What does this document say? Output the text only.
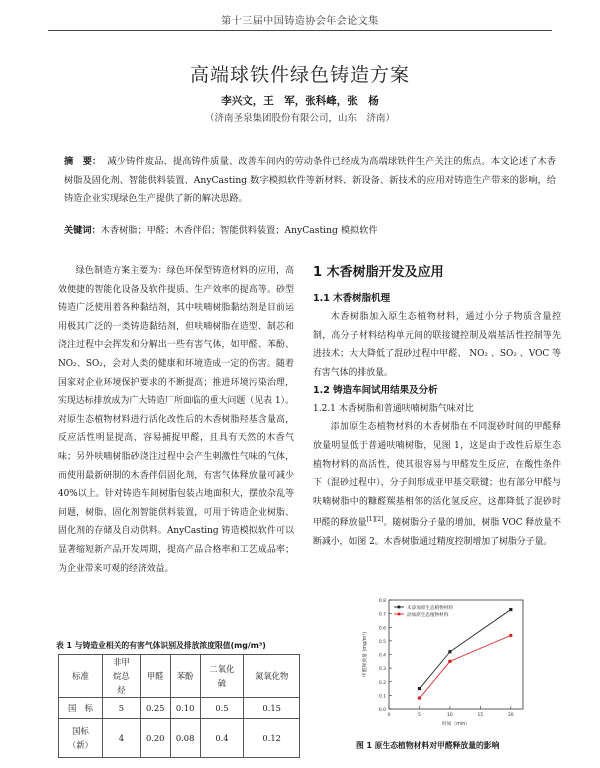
第十三届中国铸造协会年会论文集
高端球铁件绿色铸造方案
李兴文，王　军，张科峰，张　杨
（济南圣泉集团股份有限公司，山东　济南）
摘　要： 减少铸件废品、提高铸件质量、改善车间内的劳动条件已经成为高端球铁件生产关注的焦点。本文论述了木香树脂及固化剂、智能供料装置、AnyCasting 数字模拟软件等新材料、新设备、新技术的应用对铸造生产带来的影响，给铸造企业实现绿色生产提供了新的解决思路。
关键词：木香树脂；甲醛；木香伴侣；智能供料装置；AnyCasting 模拟软件
绿色制造方案主要为：绿色环保型铸造材料的应用，高效便捷的智能化设备及软件提质、生产效率的提高等。砂型铸造广泛使用着各种黏结剂，其中呋喃树脂黏结剂是目前运用极其广泛的一类铸造黏结剂，但呋喃树脂在造型、制芯和浇注过程中会挥发和分解出一些有害气体，如甲醛、苯酚、NO₂、SO₂，会对人类的健康和环境造成一定的伤害。随着国家对企业环境保护要求的不断提高；推进环境污染治理，实现达标排放成为广大铸造厂所面临的重大问题（见表 1）。对原生态植物材料进行活化改性后的木香树脂羟基含量高，反应活性明显提高，容易捕捉甲醛，且具有天然的木香气味；另外呋喃树脂砂浇注过程中会产生刺激性气味的气体，而使用最新研制的木香伴侣固化剂，有害气体释放量可减少 40%以上。针对铸造车间树脂包装占地面积大，摆放杂乱等问题，树脂、固化剂智能供料装置，可用于铸造企业树脂、固化剂的存储及自动供料。AnyCasting 铸造模拟软件可以显著缩短新产品开发周期，提高产品合格率和工艺成品率；为企业带来可观的经济效益。
表 1 与铸造业相关的有害气体识别及排放浓度限值(mg/m³)
标准	非甲烷总烃	甲醛	苯酚	二氧化硫	氮氧化物
国　标	5	0.25	0.10	0.5	0.15
国标（新）	4	0.20	0.08	0.4	0.12
1 木香树脂开发及应用
1.1 木香树脂机理

木香树脂加入原生态植物材料，通过小分子物质含量控制，高分子材料结构单元间的联接键控制及端基活性控制等先进技术；大大降低了混砂过程中甲醛、 NO₂ 、SO₂ 、VOC 等有害气体的排放量。

1.2 铸造车间试用结果及分析
1.2.1 木香树脂和普通呋喃树脂气味对比

添加原生态植物材料的木香树脂在不同混砂时间的甲醛释放量明显低于普通呋喃树脂，见图 1，这是由于改性后原生态植物材料的高活性，使其很容易与甲醛发生反应，在酸性条件下（混砂过程中），分子间形成亚甲基交联键；也有部分甲醛与呋喃树脂中的糠醛羰基相邻的活化氢反应，这都降低了混砂时甲醛的释放量[1][2]。随树脂分子量的增加，树脂 VOC 释放量不断减小，如图 2。木香树脂通过精度控制增加了树脂分子量。

0.0
0.1
0.2
0.3
0.4
0.5
0.6
0.7
0.8
0	5	10	15	20
时间（min）
甲醛释放量 (mg/m³)
未添加原生态植物材料
添加原生态植物材料
图 1 原生态植物材料对甲醛释放量的影响
